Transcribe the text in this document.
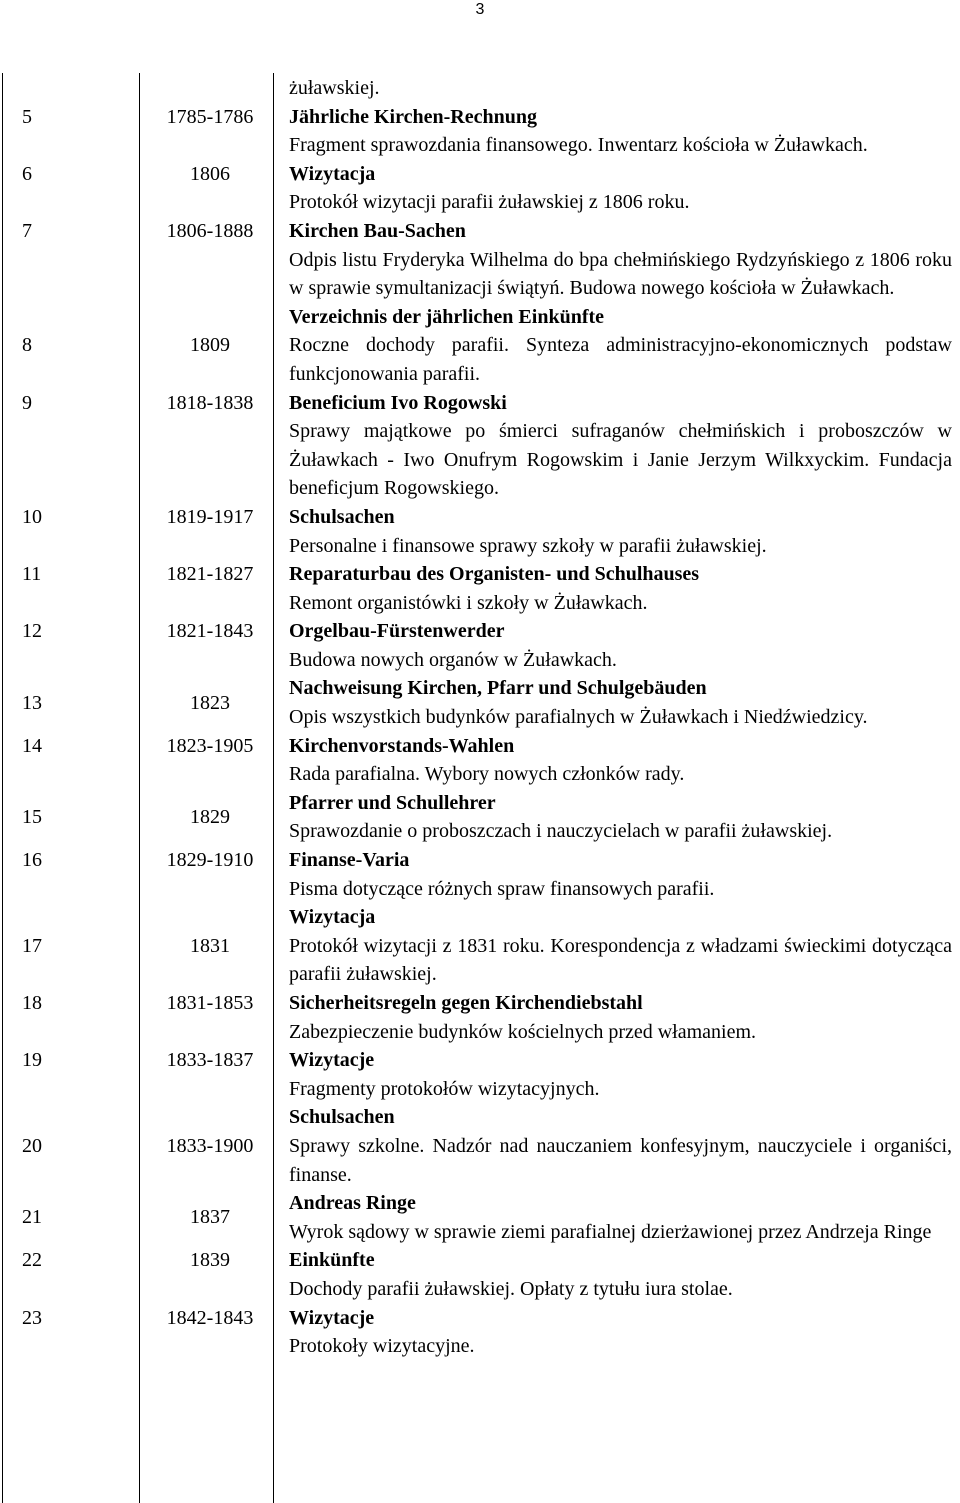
3
żuławskiej.
5	1785-1786	Jährliche Kirchen-Rechnung
Fragment sprawozdania finansowego. Inwentarz kościoła w Żuławkach.
6	1806	Wizytacja
Protokół wizytacji parafii żuławskiej z 1806 roku.
7	1806-1888	Kirchen Bau-Sachen
Odpis listu Fryderyka Wilhelma do bpa chełmińskiego Rydzyńskiego z 1806 roku w sprawie symultanizacji świątyń. Budowa nowego kościoła w Żuławkach.
8	1809
Verzeichnis der jährlichen Einkünfte
Roczne dochody parafii. Synteza administracyjno-ekonomicznych podstaw funkcjonowania parafii.
9	1818-1838	Beneficium Ivo Rogowski
Sprawy majątkowe po śmierci sufraganów chełmińskich i proboszczów w Żuławkach - Iwo Onufrym Rogowskim i Janie Jerzym Wilkxyckim. Fundacja beneficjum Rogowskiego.
10	1819-1917	Schulsachen
Personalne i finansowe sprawy szkoły w parafii żuławskiej.
11	1821-1827	Reparaturbau des Organisten- und Schulhauses
Remont organistówki i szkoły w Żuławkach.
12	1821-1843	Orgelbau-Fürstenwerder
Budowa nowych organów w Żuławkach.
13	1823
Nachweisung Kirchen, Pfarr und Schulgebäuden
Opis wszystkich budynków parafialnych w Żuławkach i Niedźwiedzicy.
14	1823-1905	Kirchenvorstands-Wahlen
Rada parafialna. Wybory nowych członków rady.
15	1829
Pfarrer und Schullehrer
Sprawozdanie o proboszczach i nauczycielach w parafii żuławskiej.
16	1829-1910	Finanse-Varia
Pisma dotyczące różnych spraw finansowych parafii.
17	1831
Wizytacja
Protokół wizytacji z 1831 roku. Korespondencja z władzami świeckimi dotycząca parafii żuławskiej.
18	1831-1853	Sicherheitsregeln gegen Kirchendiebstahl
Zabezpieczenie budynków kościelnych przed włamaniem.
19	1833-1837	Wizytacje
Fragmenty protokołów wizytacyjnych.
20	1833-1900
Schulsachen
Sprawy szkolne. Nadzór nad nauczaniem konfesyjnym, nauczyciele i organiści, finanse.
21	1837
Andreas Ringe
Wyrok sądowy w sprawie ziemi parafialnej dzierżawionej przez Andrzeja Ringe
22	1839	Einkünfte
Dochody parafii żuławskiej. Opłaty z tytułu iura stolae.
23	1842-1843	Wizytacje
Protokoły wizytacyjne.
